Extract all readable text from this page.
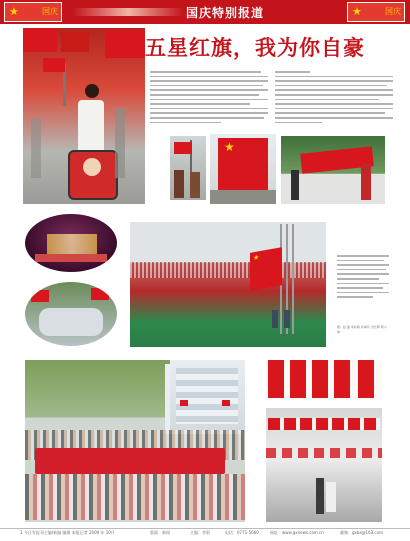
★	国庆	国庆特别报道	★	国庆
五星红旗，我为你自豪
★
★
图：赵 夏 李彩娟 许梅玲 田志辉 陈小坤
1 今日有报刊主编/新编 编辑 本报记者 2009 年 10月	版面：新闻	主编：李莉	电话：0771-5660	网址：www.gxnews.com.cn	邮箱：gxbs@163.com
